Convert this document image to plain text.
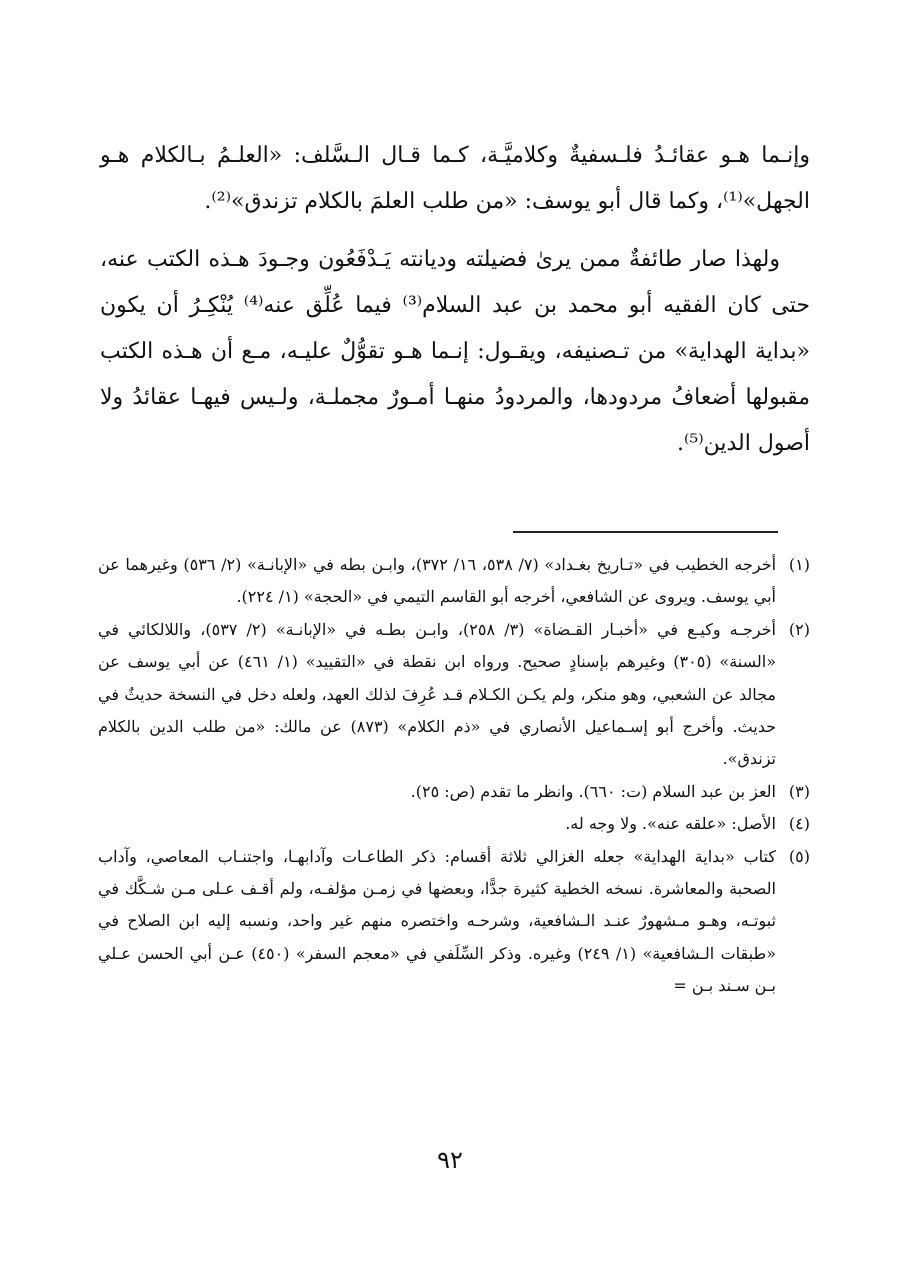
وإنـما هـو عقائـدُ فلـسفيةٌ وكلاميَّـة، كـما قـال الـسَّلف: «العلـمُ بـالكلام هـو الجهل»⁽¹⁾، وكما قال أبو يوسف: «من طلب العلمَ بالكلام تزندق»⁽²⁾.

ولهذا صار طائفةٌ ممن يرىٰ فضيلته وديانته يَـدْفَعُون وجـودَ هـذه الكتب عنه، حتى كان الفقيه أبو محمد بن عبد السلام⁽³⁾ فيما عُلِّق عنه⁽⁴⁾ يُنْكِـرُ أن يكون «بداية الهداية» من تـصنيفه، ويقـول: إنـما هـو تقوُّلٌ عليـه، مـع أن هـذه الكتب مقبولها أضعافُ مردودها، والمردودُ منهـا أمـورٌ مجملـة، ولـيس فيهـا عقائدُ ولا أصول الدين⁽⁵⁾.

(١)
أخرجه الخطيب في «تـاريخ بغـداد» (٧/ ٥٣٨، ١٦/ ٣٧٢)، وابـن بطه في «الإبانـة» (٢/ ٥٣٦) وغيرهما عن أبي يوسف. ويروى عن الشافعي، أخرجه أبو القاسم التيمي في «الحجة» (١/ ٢٢٤).
(٢)
أخرجـه وكيـع في «أخبـار القـضاة» (٣/ ٢٥٨)، وابـن بطـه في «الإبانـة» (٢/ ٥٣٧)، واللالكائي في «السنة» (٣٠٥) وغيرهم بإسنادٍ صحيح. ورواه ابن نقطة في «التقييد» (١/ ٤٦١) عن أبي يوسف عن مجالد عن الشعبي، وهو منكر، ولم يكـن الكـلام قـد عُرِفَ لذلك العهد، ولعله دخل في النسخة حديثٌ في حديث. وأخرج أبو إسـماعيل الأنصاري في «ذم الكلام» (٨٧٣) عن مالك: «من طلب الدين بالكلام تزندق».
(٣)
العز بن عبد السلام (ت: ٦٦٠). وانظر ما تقدم (ص: ٢٥).
(٤)
الأصل: «علقه عنه». ولا وجه له.
(٥)
كتاب «بداية الهداية» جعله الغزالي ثلاثة أقسام: ذكر الطاعـات وآدابهـا، واجتنـاب المعاصي، وآداب الصحبة والمعاشرة. نسخه الخطية كثيرة جدًّا، وبعضها في زمـن مؤلفـه، ولم أقـف عـلى مـن شـكَّك في ثبوتـه، وهـو مـشهورٌ عنـد الـشافعية، وشرحـه واختصره منهم غير واحد، ونسبه إليه ابن الصلاح في «طبقات الـشافعية» (١/ ٢٤٩) وغيره. وذكر السِّلَفي في «معجم السفر» (٤٥٠) عـن أبي الحسن عـلي بـن سـند بـن =
٩٢
